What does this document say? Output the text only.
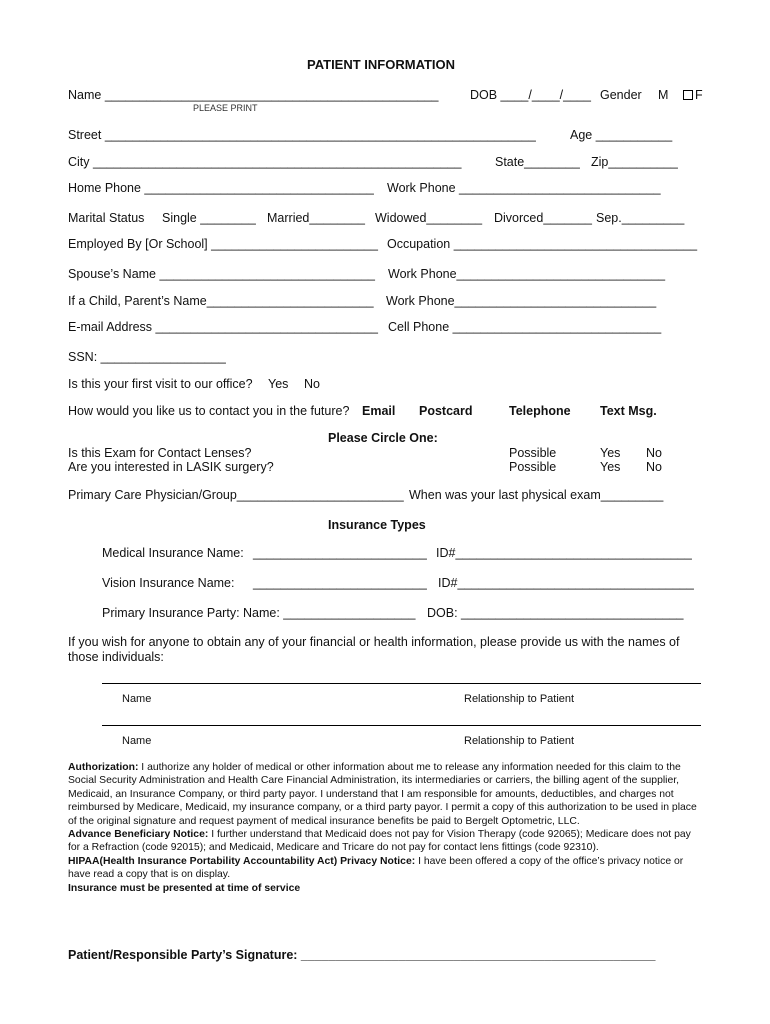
PATIENT INFORMATION
Name ________________________________________________	DOB ____/____/____ Gender M	F
PLEASE PRINT
Street ______________________________________________________________	Age ___________
City _____________________________________________________	State________ Zip__________
Home Phone _________________________________ Work Phone _____________________________
Marital Status Single ________ Married________ Widowed________ Divorced_______ Sep._________
Employed By [Or School] ________________________ Occupation ___________________________________
Spouse’s Name _______________________________ Work Phone______________________________
If a Child, Parent’s Name________________________ Work Phone_____________________________
E-mail Address ________________________________ Cell Phone ______________________________
SSN: __________________
Is this your first visit to our office? Yes No
How would you like us to contact you in the future? Email Postcard	Telephone Text Msg.
Please Circle One:
Is this Exam for Contact Lenses?	Possible	Yes No
Are you interested in LASIK surgery?	Possible	Yes No
Primary Care Physician/Group________________________ When was your last physical exam_________
Insurance Types
Medical Insurance Name: _________________________ ID#__________________________________
Vision Insurance Name: _________________________ ID#__________________________________
Primary Insurance Party: Name: ___________________ DOB: ________________________________
If you wish for anyone to obtain any of your financial or health information, please provide us with the names of
those individuals:
Name	Relationship to Patient
Name	Relationship to Patient
Authorization: I authorize any holder of medical or other information about me to release any information needed for this claim to the Social Security Administration and Health Care Financial Administration, its intermediaries or carriers, the billing agent of the supplier, Medicaid, an Insurance Company, or third party payor. I understand that I am responsible for amounts, deductibles, and charges not reimbursed by Medicare, Medicaid, my insurance company, or a third party payor. I permit a copy of this authorization to be used in place of the original signature and request payment of medical insurance benefits be paid to Bergelt Optometric, LLC.
Advance Beneficiary Notice: I further understand that Medicaid does not pay for Vision Therapy (code 92065); Medicare does not pay for a Refraction (code 92015); and Medicaid, Medicare and Tricare do not pay for contact lens fittings (code 92310).
HIPAA(Health Insurance Portability Accountability Act) Privacy Notice: I have been offered a copy of the office’s privacy notice or have read a copy that is on display.
Insurance must be presented at time of service
Patient/Responsible Party’s Signature: ___________________________________________________
